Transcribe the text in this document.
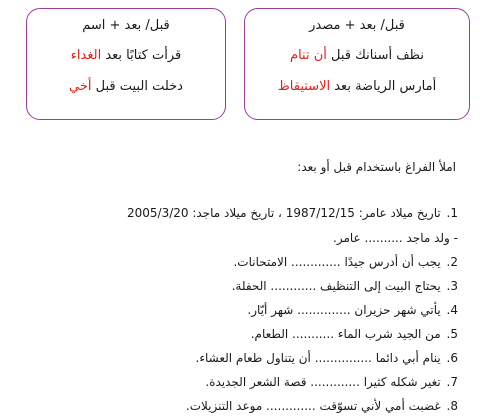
قبل/ بعد + مصدر
نظف أسنانك قبل أن تنام
أمارس الرياضة بعد الاستيقاظ
قبل/ بعد + اسم
قرأت كتابًا بعد الغداء
دخلت البيت قبل أخي
املأ الفراغ باستخدام قبل أو بعد:
1. تاريخ ميلاد عامر: 1987/12/15 ، تاريخ ميلاد ماجد: 2005/3/20
- ولد ماجد .......... عامر.
2. يجب أن أدرس جيدًا ............. الامتحانات.
3. يحتاج البيت إلى التنظيف ............ الحفلة.
4. يأتي شهر حزيران .............. شهر أيّار.
5. من الجيد شرب الماء ........... الطعام.
6. ينام أبي دائما ............... أن يتناول طعام العشاء.
7. تغير شكله كثيرا ............. قصة الشعر الجديدة.
8. غضبت أمي لأني تسوّقت ............. موعد التنزيلات.
